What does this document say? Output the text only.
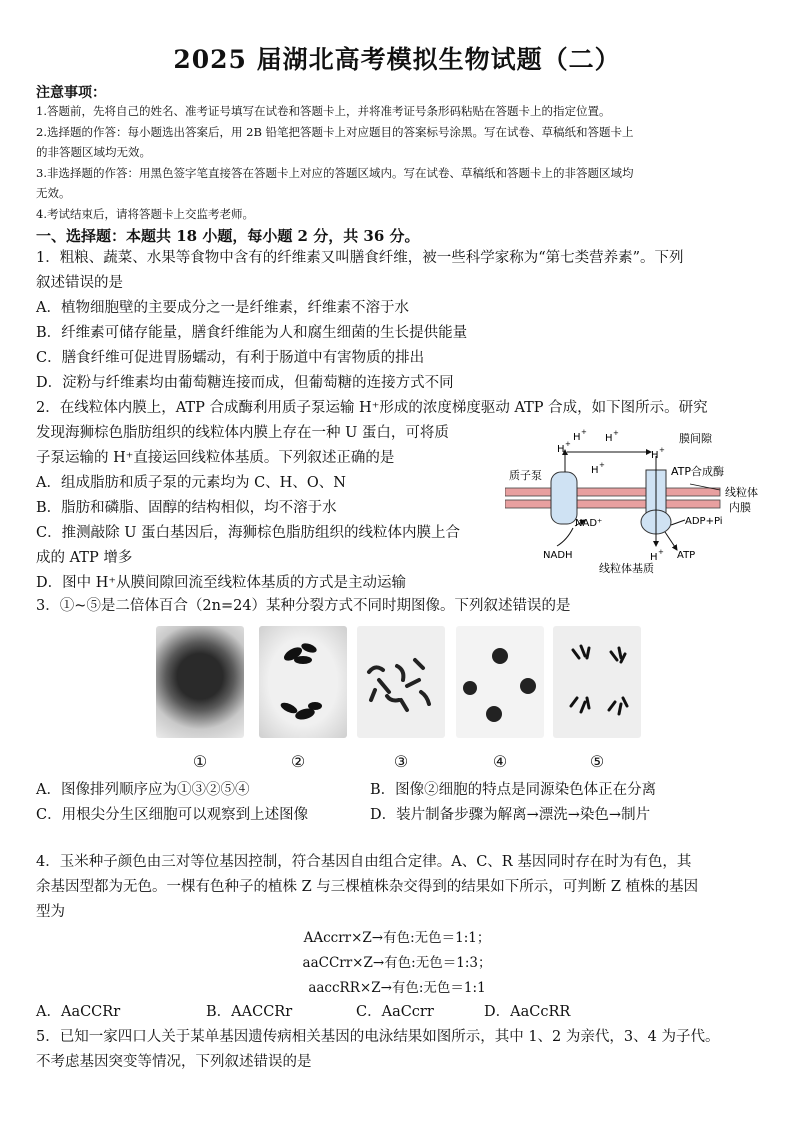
2025 届湖北高考模拟生物试题（二）
注意事项：
1.答题前，先将自己的姓名、准考证号填写在试卷和答题卡上，并将准考证号条形码粘贴在答题卡上的指定位置。
2.选择题的作答：每小题选出答案后，用 2B 铅笔把答题卡上对应题目的答案标号涂黑。写在试卷、草稿纸和答题卡上
的非答题区域均无效。
3.非选择题的作答：用黑色签字笔直接答在答题卡上对应的答题区域内。写在试卷、草稿纸和答题卡上的非答题区域均
无效。
4.考试结束后，请将答题卡上交监考老师。
一、选择题：本题共 18 小题，每小题 2 分，共 36 分。
1．粗粮、蔬菜、水果等食物中含有的纤维素又叫膳食纤维，被一些科学家称为“第七类营养素”。下列
叙述错误的是
A．植物细胞壁的主要成分之一是纤维素，纤维素不溶于水
B．纤维素可储存能量，膳食纤维能为人和腐生细菌的生长提供能量
C．膳食纤维可促进胃肠蠕动，有利于肠道中有害物质的排出
D．淀粉与纤维素均由葡萄糖连接而成，但葡萄糖的连接方式不同
2．在线粒体内膜上，ATP 合成酶利用质子泵运输 H⁺形成的浓度梯度驱动 ATP 合成，如下图所示。研究
发现海狮棕色脂肪组织的线粒体内膜上存在一种 U 蛋白，可将质
子泵运输的 H⁺直接运回线粒体基质。下列叙述正确的是
A．组成脂肪和质子泵的元素均为 C、H、O、N
B．脂肪和磷脂、固醇的结构相似，均不溶于水
C．推测敲除 U 蛋白基因后，海狮棕色脂肪组织的线粒体内膜上合
成的 ATP 增多
D．图中 H⁺从膜间隙回流至线粒体基质的方式是主动运输
H +	H +
H +
H +
H +
H +
膜间隙
质子泵	ATP合成酶
线粒体
内膜
NAD⁺
NADH
ADP+Pi
ATP
线粒体基质
3．①~⑤是二倍体百合（2n=24）某种分裂方式不同时期图像。下列叙述错误的是
①	②	③	④	⑤
A．图像排列顺序应为①③②⑤④	B．图像②细胞的特点是同源染色体正在分离
C．用根尖分生区细胞可以观察到上述图像	D．装片制备步骤为解离→漂洗→染色→制片
4．玉米种子颜色由三对等位基因控制，符合基因自由组合定律。A、C、R 基因同时存在时为有色，其
余基因型都为无色。一棵有色种子的植株 Z 与三棵植株杂交得到的结果如下所示，可判断 Z 植株的基因
型为
AAccrr×Z→有色:无色＝1:1；
aaCCrr×Z→有色:无色＝1:3；
aaccRR×Z→有色:无色＝1:1
A．AaCCRr	B．AACCRr	C．AaCcrr	D．AaCcRR
5．已知一家四口人关于某单基因遗传病相关基因的电泳结果如图所示，其中 1、2 为亲代，3、4 为子代。
不考虑基因突变等情况，下列叙述错误的是
